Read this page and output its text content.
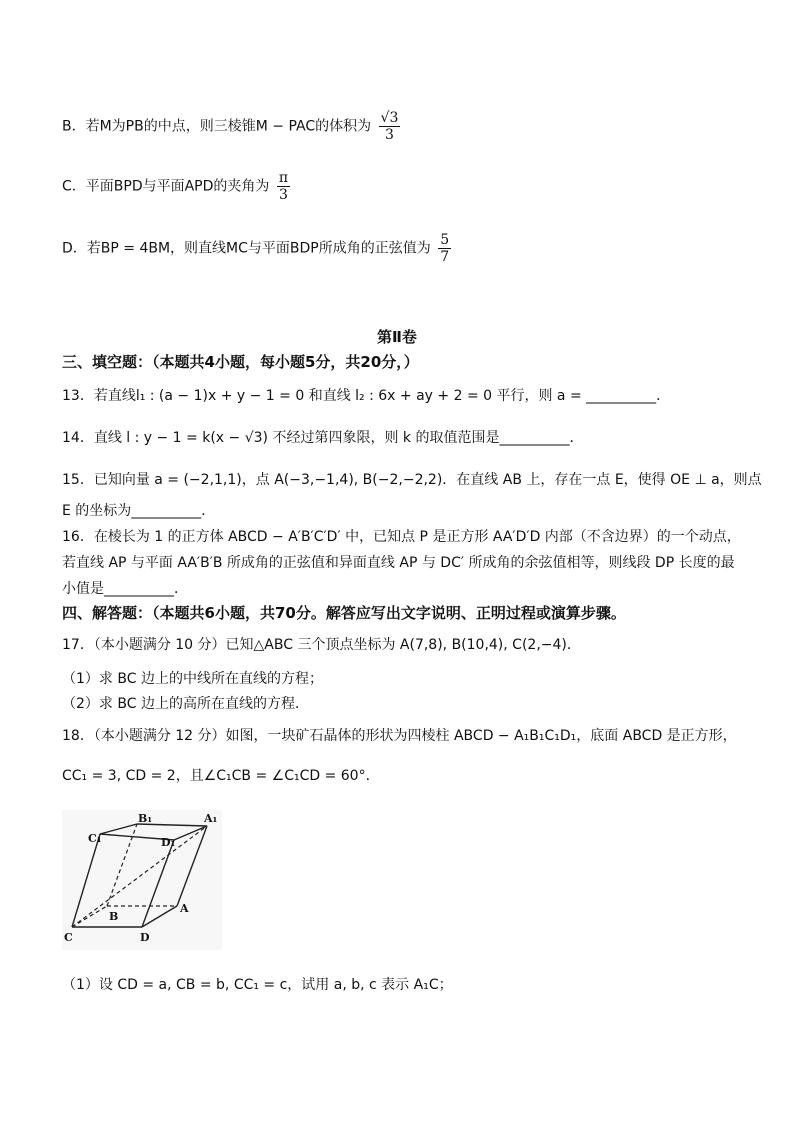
B．若M为PB的中点，则三棱锥M − PAC的体积为 $\frac{√3}{3}$
C．平面BPD与平面APD的夹角为 $\frac{\pi}{3}$
D．若BP = 4BM，则直线MC与平面BDP所成角的正弦值为 $\frac{5}{7}$
第Ⅱ卷
三、填空题：（本题共4小题，每小题5分，共20分，）
13．若直线l₁ : (a − 1)x + y − 1 = 0 和直线 l₂ : 6x + ay + 2 = 0 平行，则 a = __________．
14．直线 l : y − 1 = k(x − √3) 不经过第四象限，则 k 的取值范围是__________．
15．已知向量 a = (−2,1,1)，点 A(−3,−1,4), B(−2,−2,2)．在直线 AB 上，存在一点 E，使得 OE ⊥ a，则点
E 的坐标为__________．
16．在棱长为 1 的正方体 ABCD − A′B′C′D′ 中，已知点 P 是正方形 AA′D′D 内部（不含边界）的一个动点，
若直线 AP 与平面 AA′B′B 所成角的正弦值和异面直线 AP 与 DC′ 所成角的余弦值相等，则线段 DP 长度的最
小值是__________．
四、解答题：（本题共6小题，共70分。解答应写出文字说明、正明过程或演算步骤。
17．（本小题满分 10 分）已知△ABC 三个顶点坐标为 A(7,8), B(10,4), C(2,−4)．
（1）求 BC 边上的中线所在直线的方程；
（2）求 BC 边上的高所在直线的方程．
18．（本小题满分 12 分）如图，一块矿石晶体的形状为四棱柱 ABCD − A₁B₁C₁D₁，底面 ABCD 是正方形，
CC₁ = 3, CD = 2，且∠C₁CB = ∠C₁CD = 60°．
B₁	A₁
C₁	D₁
B
A
C	D
（1）设 CD = a, CB = b, CC₁ = c，试用 a, b, c 表示 A₁C；
